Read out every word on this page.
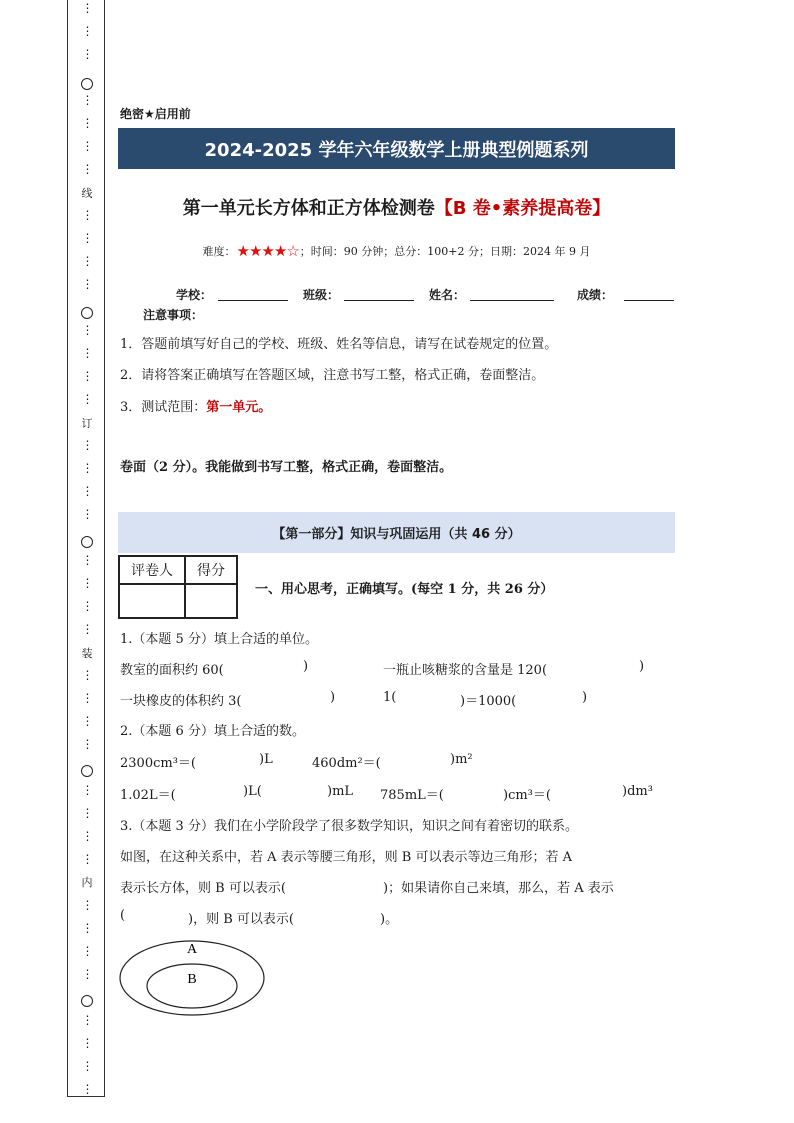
线
订
装
内
⋮
⋮
⋮
⋮
⋮
⋮
⋮
⋮
⋮
⋮
⋮
⋮
⋮
⋮
⋮
⋮
⋮
⋮
⋮
⋮
⋮
⋮
⋮
⋮
⋮
⋮
⋮
⋮
⋮
⋮
⋮
⋮
⋮
⋮
⋮
⋮
⋮
⋮
⋮
绝密★启用前
2024-2025 学年六年级数学上册典型例题系列
第一单元长方体和正方体检测卷【B 卷•素养提高卷】
难度： ★★★★☆ ；时间：90 分钟；总分：100+2 分；日期：2024 年 9 月
学校：	班级：	姓名：	成绩：
注意事项：
1．答题前填写好自己的学校、班级、姓名等信息，请写在试卷规定的位置。
2．请将答案正确填写在答题区域，注意书写工整，格式正确，卷面整洁。
3．测试范围：第一单元。
卷面（2 分）。我能做到书写工整，格式正确，卷面整洁。
【第一部分】知识与巩固运用（共 46 分）
评卷人	得分

一、用心思考，正确填写。(每空 1 分，共 26 分）
1.（本题 5 分）填上合适的单位。
教室的面积约 60(	)	一瓶止咳糖浆的含量是 120(	)
一块橡皮的体积约 3(	)	1(	)＝1000(	)
2.（本题 6 分）填上合适的数。
2300cm³＝(	)L	460dm²＝(	)m²
1.02L＝(	)L(	)mL 785mL＝(	)cm³＝(	)dm³
3.（本题 3 分）我们在小学阶段学了很多数学知识，知识之间有着密切的联系。
如图，在这种关系中，若 A 表示等腰三角形，则 B 可以表示等边三角形；若 A
表示长方体，则 B 可以表示(	)；如果请你自己来填，那么，若 A 表示
(	)，则 B 可以表示(	)。
A
B
